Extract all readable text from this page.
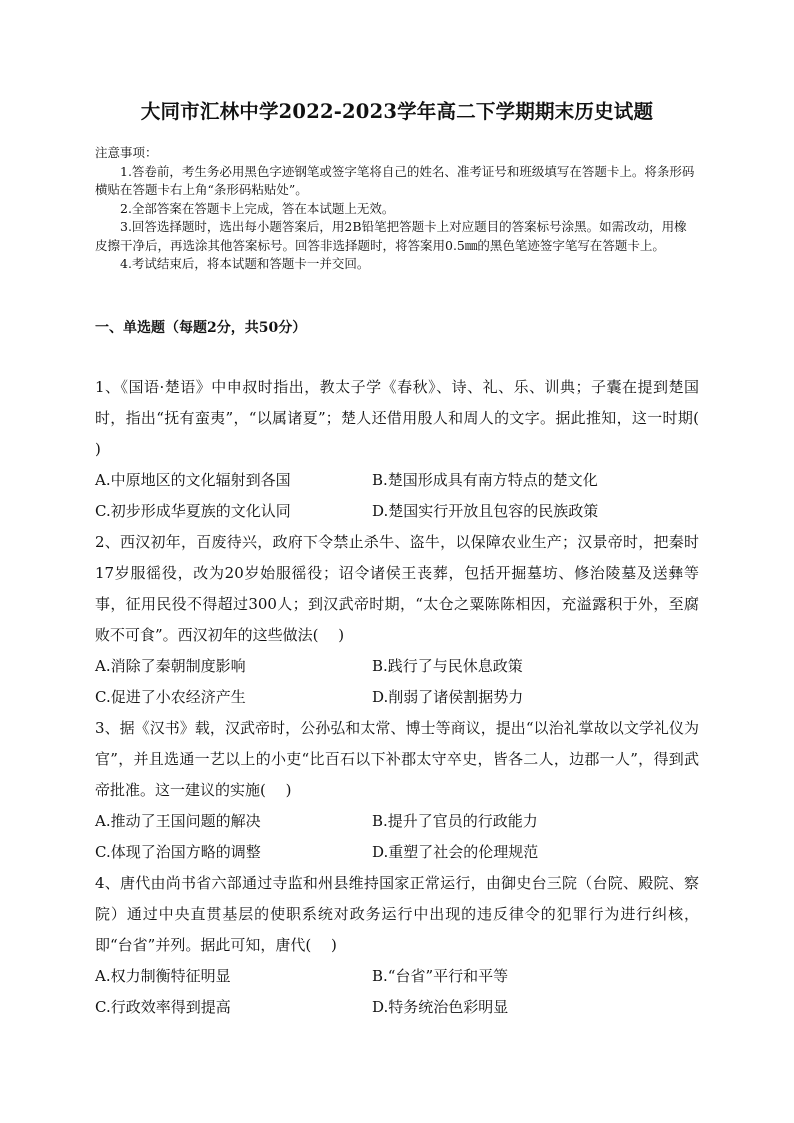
大同市汇林中学2022-2023学年高二下学期期末历史试题

注意事项：

1.答卷前，考生务必用黑色字迹钢笔或签字笔将自己的姓名、准考证号和班级填写在答题卡上。将条形码横贴在答题卡右上角“条形码粘贴处”。

2.全部答案在答题卡上完成，答在本试题上无效。

3.回答选择题时，选出每小题答案后，用2B铅笔把答题卡上对应题目的答案标号涂黑。如需改动，用橡皮擦干净后，再选涂其他答案标号。回答非选择题时，将答案用0.5㎜的黑色笔迹签字笔写在答题卡上。

4.考试结束后，将本试题和答题卡一并交回。

一、单选题（每题2分，共50分）

1、《国语·楚语》中申叔时指出，教太子学《春秋》、诗、礼、乐、训典；子囊在提到楚国时，指出“抚有蛮夷”，“以属诸夏”；楚人还借用殷人和周人的文字。据此推知，这一时期(　 )

A.中原地区的文化辐射到各国	B.楚国形成具有南方特点的楚文化
C.初步形成华夏族的文化认同	D.楚国实行开放且包容的民族政策

2、西汉初年，百废待兴，政府下令禁止杀牛、盗牛，以保障农业生产；汉景帝时，把秦时17岁服徭役，改为20岁始服徭役；诏令诸侯王丧葬，包括开掘墓坊、修治陵墓及送彝等事，征用民役不得超过300人；到汉武帝时期，“太仓之粟陈陈相因，充溢露积于外，至腐败不可食”。西汉初年的这些做法(　 )

A.消除了秦朝制度影响	B.践行了与民休息政策
C.促进了小农经济产生	D.削弱了诸侯割据势力

3、据《汉书》载，汉武帝时，公孙弘和太常、博士等商议，提出“以治礼掌故以文学礼仪为官”，并且选通一艺以上的小吏“比百石以下补郡太守卒史，皆各二人，边郡一人”，得到武帝批准。这一建议的实施(　 )

A.推动了王国问题的解决	B.提升了官员的行政能力
C.体现了治国方略的调整	D.重塑了社会的伦理规范

4、唐代由尚书省六部通过寺监和州县维持国家正常运行，由御史台三院（台院、殿院、察院）通过中央直贯基层的使职系统对政务运行中出现的违反律令的犯罪行为进行纠核，即“台省”并列。据此可知，唐代(　 )

A.权力制衡特征明显	B.“台省”平行和平等
C.行政效率得到提高	D.特务统治色彩明显
